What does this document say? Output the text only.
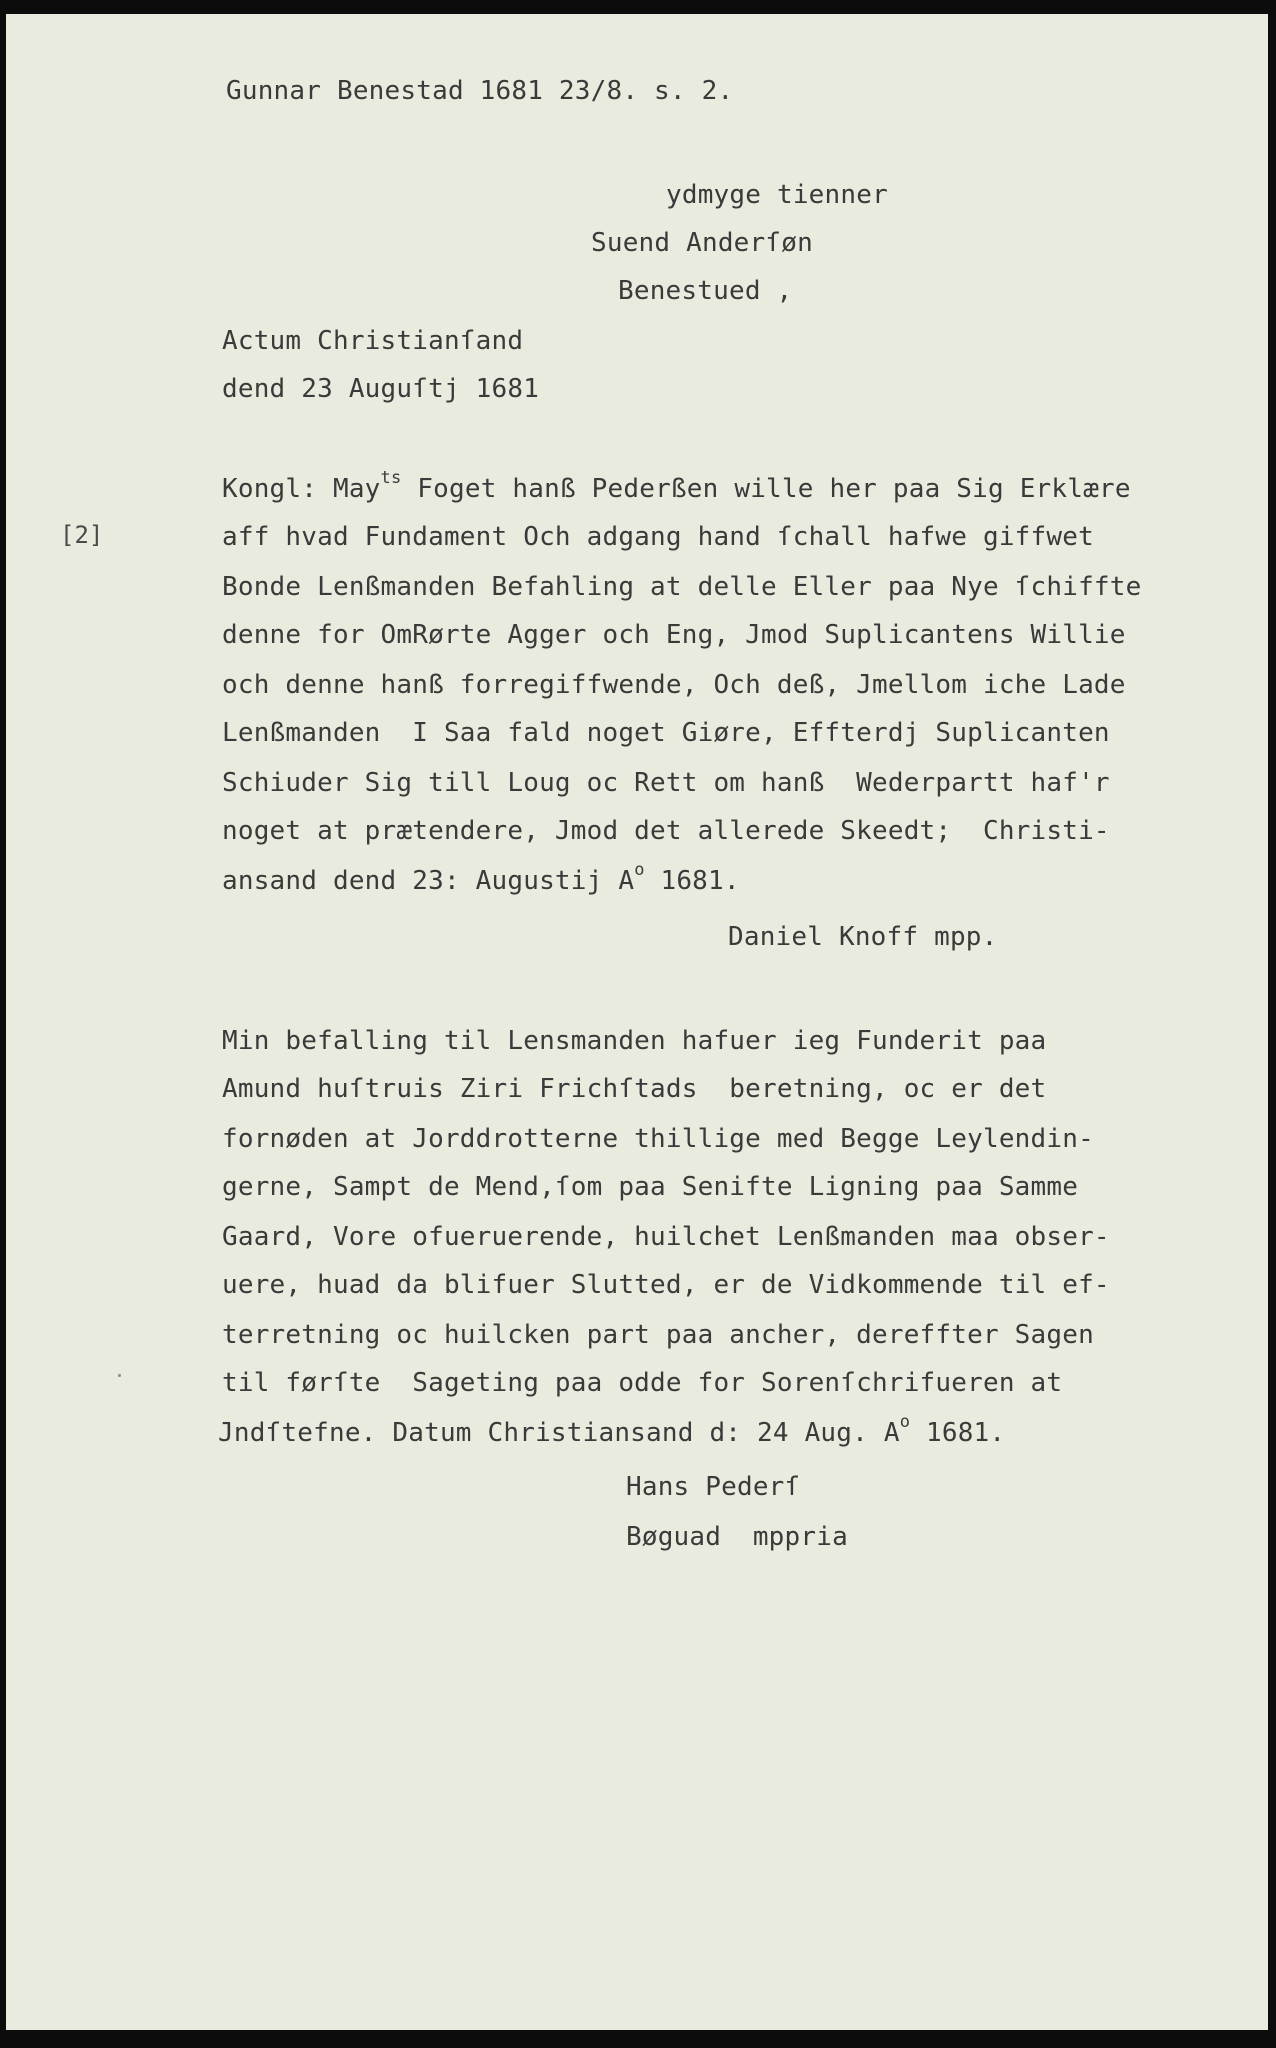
Gunnar Benestad 1681 23/8. s. 2.
ydmyge tienner
Suend Anderſøn
Benestued ,
Actum Christianſand
dend 23 Auguſtj 1681
[2]
Kongl: May$^{ts}$ Foget hanß Pederßen wille her paa Sig Erklære
aff hvad Fundament Och adgang hand ſchall hafwe giffwet
Bonde Lenßmanden Befahling at delle Eller paa Nye ſchiffte
denne for OmRørte Agger och Eng, Jmod Suplicantens Willie
och denne hanß forregiffwende, Och deß, Jmellom iche Lade
Lenßmanden  I Saa fald noget Giøre, Effterdj Suplicanten
Schiuder Sig till Loug oc Rett om hanß  Wederpartt haf'r
noget at prætendere, Jmod det allerede Skeedt;  Christi-
ansand dend 23: Augustij $A^o$ 1681.
Daniel Knoff mpp.
Min befalling til Lensmanden hafuer ieg Funderit paa
Amund huſtruis Ziri Frichſtads  beretning, oc er det
fornøden at Jorddrotterne thillige med Begge Leylendin-
gerne, Sampt de Mend,ſom paa Senifte Ligning paa Samme
Gaard, Vore ofueruerende, huilchet Lenßmanden maa obser-
uere, huad da blifuer Slutted, er de Vidkommende til ef-
terretning oc huilcken part paa ancher, dereffter Sagen
til førſte  Sageting paa odde for Sorenſchrifueren at
Jndſtefne. Datum Christiansand d: 24 Aug. $A^o$ 1681.
Hans Pederſ
Bøguad  mppria
